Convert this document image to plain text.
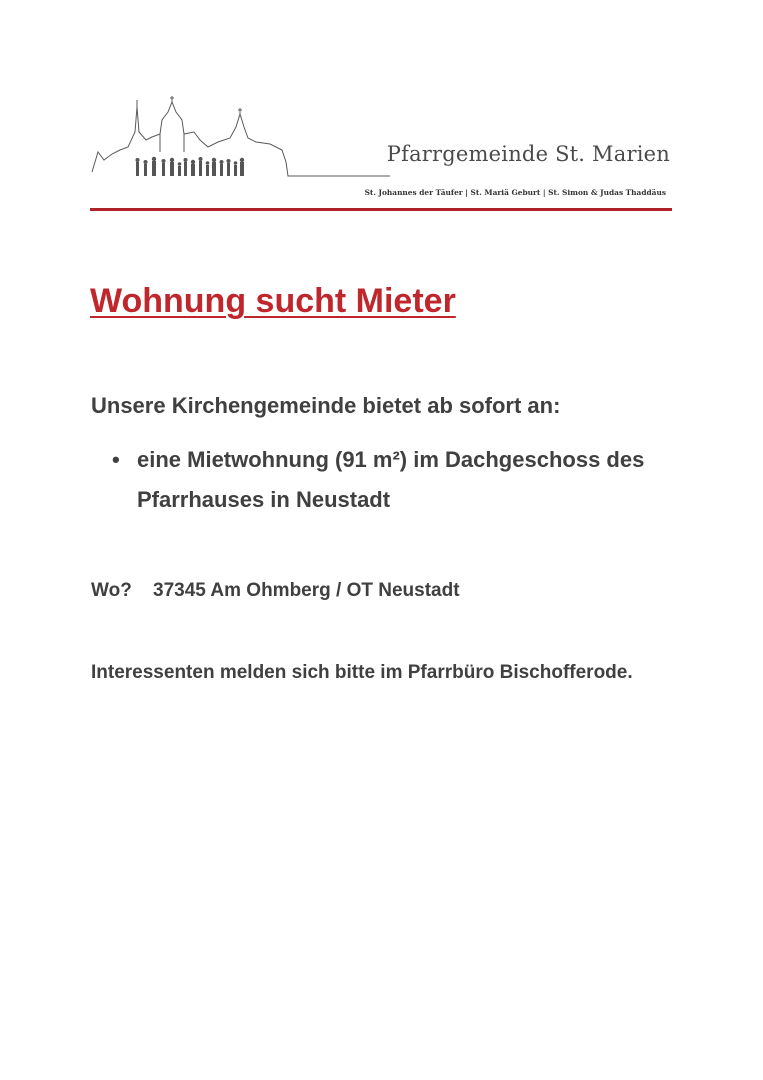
Pfarrgemeinde St. Marien
St. Johannes der Täufer | St. Mariä Geburt | St. Simon & Judas Thaddäus
Wohnung sucht Mieter

Unsere Kirchengemeinde bietet ab sofort an:

• eine Mietwohnung (91 m²) im Dachgeschoss des Pfarrhauses in Neustadt

Wo? 37345 Am Ohmberg / OT Neustadt

Interessenten melden sich bitte im Pfarrbüro Bischofferode.
